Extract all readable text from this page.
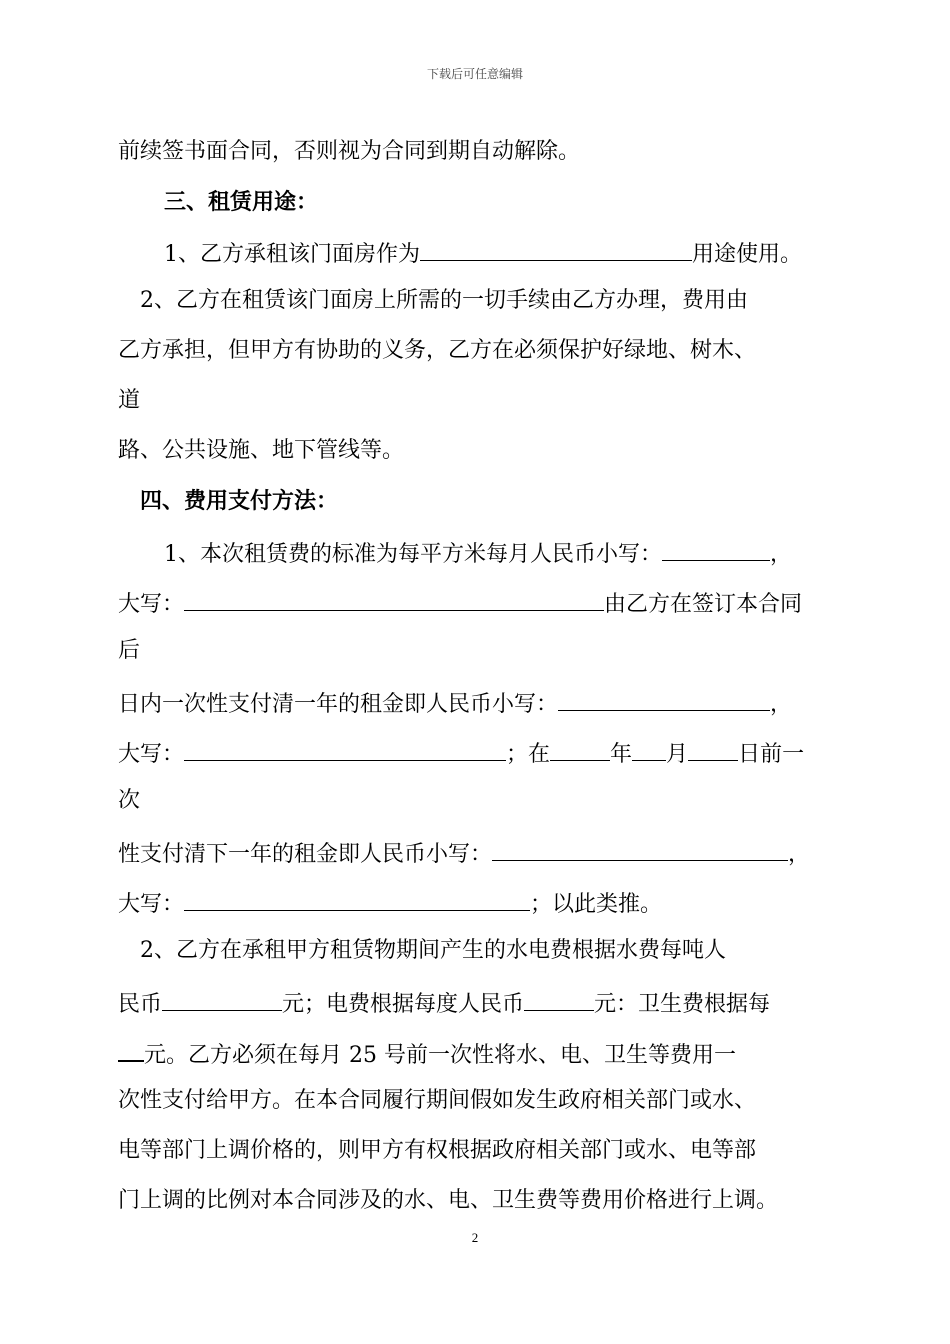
下载后可任意编辑
前续签书面合同，否则视为合同到期自动解除。
三、租赁用途：
1、乙方承租该门面房作为	用途使用。
2、乙方在租赁该门面房上所需的一切手续由乙方办理，费用由
乙方承担，但甲方有协助的义务，乙方在必须保护好绿地、树木、
道
路、公共设施、地下管线等。
四、费用支付方法：
1、本次租赁费的标准为每平方米每月人民币小写：	，
大写：	由乙方在签订本合同
后
日内一次性支付清一年的租金即人民币小写：	，
大写：	；在	年 月 日前一
次
性支付清下一年的租金即人民币小写：	，
大写：	；以此类推。
2、乙方在承租甲方租赁物期间产生的水电费根据水费每吨人
民币	元；电费根据每度人民币	元：卫生费根据每
元。乙方必须在每月 25 号前一次性将水、电、卫生等费用一
次性支付给甲方。在本合同履行期间假如发生政府相关部门或水、
电等部门上调价格的，则甲方有权根据政府相关部门或水、电等部
门上调的比例对本合同涉及的水、电、卫生费等费用价格进行上调。
2
